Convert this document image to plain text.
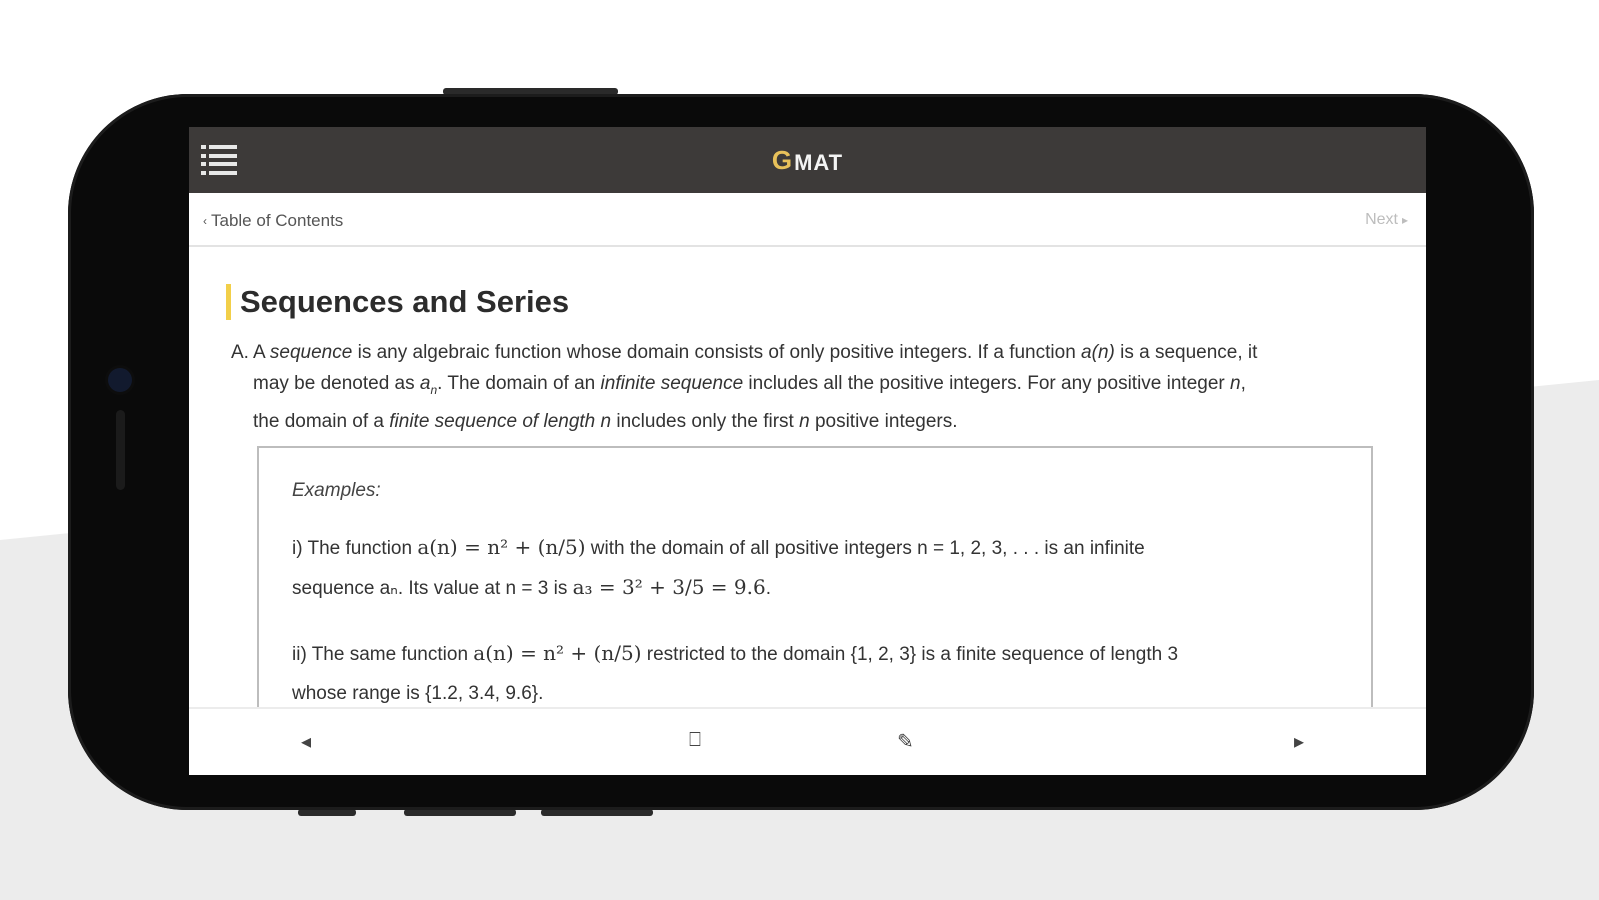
G MAT
‹ Table of Contents	Next ▸
Sequences and Series
A. A sequence is any algebraic function whose domain consists of only positive integers. If a function a(n) is a sequence, it
may be denoted as $a_n$. The domain of an infinite sequence includes all the positive integers. For any positive integer n,
the domain of a finite sequence of length n includes only the first n positive integers.
Examples:
i) The function a(n) = n² + (n/5) with the domain of all positive integers n = 1, 2, 3, . . . is an infinite
sequence aₙ. Its value at n = 3 is a₃ = 3² + 3/5 = 9.6.
ii) The same function a(n) = n² + (n/5) restricted to the domain {1, 2, 3} is a finite sequence of length 3
whose range is {1.2, 3.4, 9.6}.
◂	⎕	✎	▸
